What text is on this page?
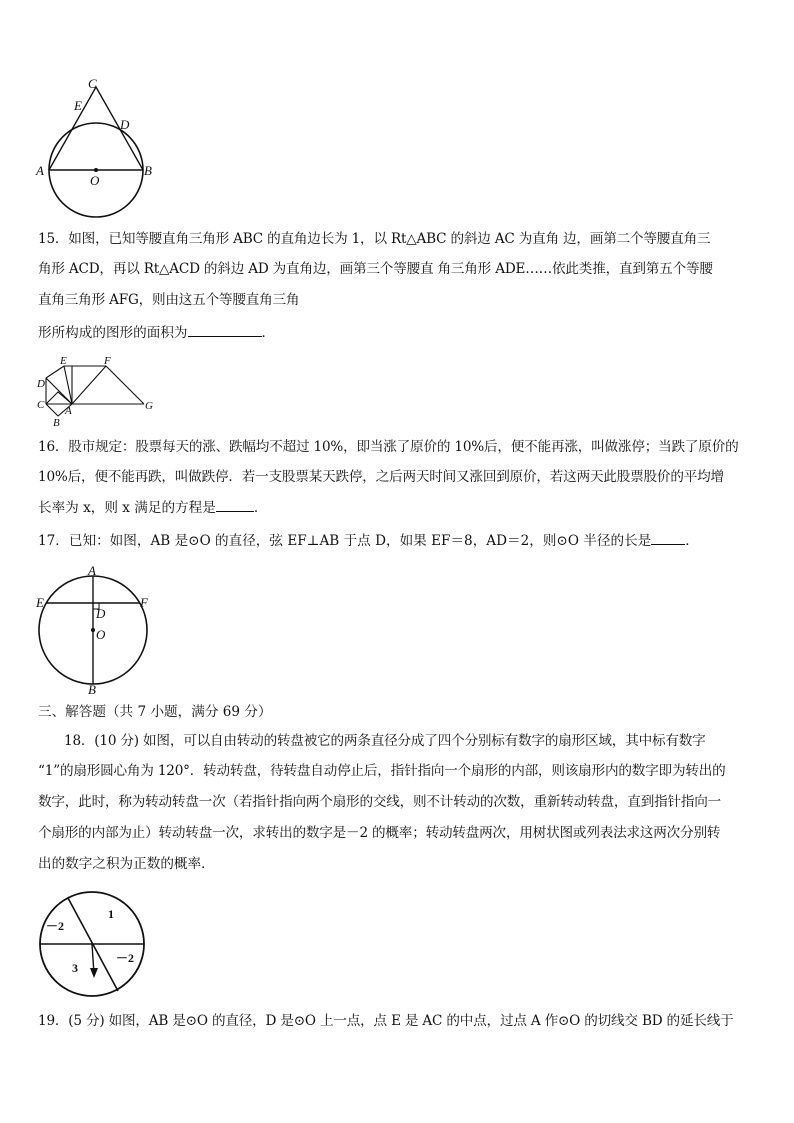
C
E
D
A	B
O
15．如图，已知等腰直角三角形 ABC 的直角边长为 1，以 Rt△ABC 的斜边 AC 为直角 边，画第二个等腰直角三
角形 ACD，再以 Rt△ACD 的斜边 AD 为直角边，画第三个等腰直 角三角形 ADE……依此类推，直到第五个等腰
直角三角形 AFG，则由这五个等腰直角三角
形所构成的图形的面积为	．
E	F
D
C A
B
G
16．股市规定：股票每天的涨、跌幅均不超过 10%，即当涨了原价的 10%后，便不能再涨，叫做涨停；当跌了原价的
10%后，便不能再跌，叫做跌停．若一支股票某天跌停，之后两天时间又涨回到原价，若这两天此股票股价的平均增
长率为 x，则 x 满足的方程是	．
17．已知：如图，AB 是⊙O 的直径，弦 EF⊥AB 于点 D，如果 EF＝8，AD＝2，则⊙O 半径的长是	．
A
E	F
D
O
B
三、解答题（共 7 小题，满分 69 分）
18．(10 分) 如图，可以自由转动的转盘被它的两条直径分成了四个分别标有数字的扇形区域，其中标有数字
“1”的扇形圆心角为 120°．转动转盘，待转盘自动停止后，指针指向一个扇形的内部，则该扇形内的数字即为转出的
数字，此时，称为转动转盘一次（若指针指向两个扇形的交线，则不计转动的次数，重新转动转盘，直到指针指向一
个扇形的内部为止）转动转盘一次，求转出的数字是－2 的概率；转动转盘两次，用树状图或列表法求这两次分别转
出的数字之积为正数的概率．
1
－2
3
－2
19．(5 分) 如图，AB 是⊙O 的直径，D 是⊙O 上一点，点 E 是 AC 的中点，过点 A 作⊙O 的切线交 BD 的延长线于
